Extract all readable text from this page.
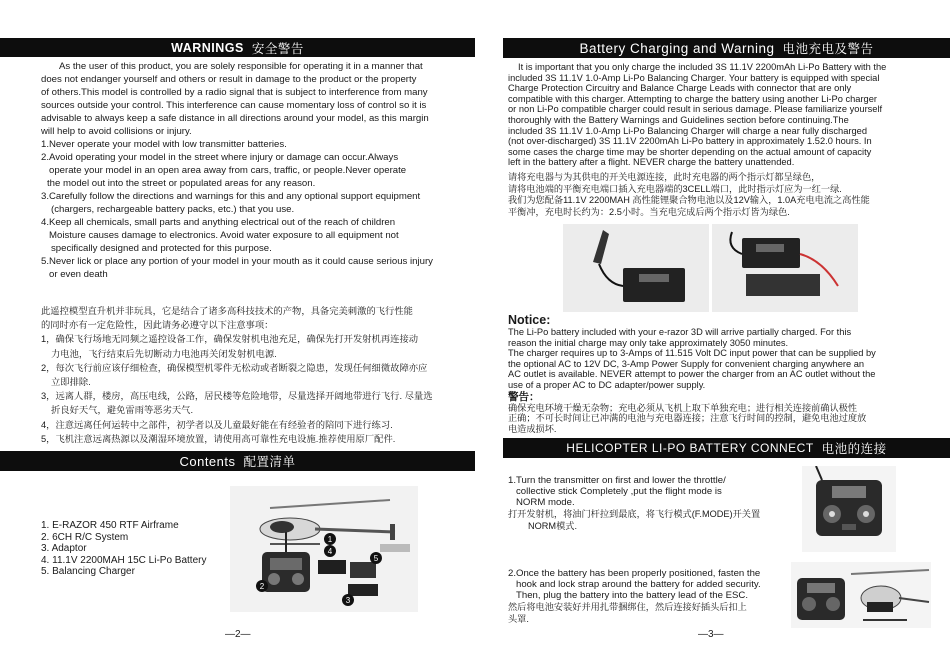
WARNINGS 安全警告
As the user of this product, you are solely responsible for operating it in a manner that
does not endanger yourself and others or result in damage to the product or the property
of others.This model is controlled by a radio signal that is subject to interference from many
sources outside your control. This interference can cause momentary loss of control so it is
advisable to always keep a safe distance in all directions around your model, as this margin
will help to avoid collisions or injury.
1.Never operate your model with low transmitter batteries.
2.Avoid operating your model in the street where injury or damage can occur.Always
operate your model in an open area away from cars, traffic, or people.Never operate
the model out into the street or populated areas for any reason.
3.Carefully follow the directions and warnings for this and any optional support equipment
(chargers, rechargeable battery packs, etc.) that you use.
4.Keep all chemicals, small parts and anything electrical out of the reach of children
Moisture causes damage to electronics. Avoid water exposure to all equipment not
specifically designed and protected for this purpose.
5.Never lick or place any portion of your model in your mouth as it could cause serious injury
or even death
此遥控模型直升机并非玩具，它是结合了诸多高科技技术的产物，具备完美刺激的飞行性能
的同时亦有一定危险性，因此请务必遵守以下注意事项：
1，确保飞行场地无同频之遥控设备工作，确保发射机电池充足，确保先打开发射机再连接动
力电池，飞行结束后先切断动力电池再关闭发射机电源.
2，每次飞行前应该仔细检查，确保模型机零件无松动或者断裂之隐患，发现任何细微故障亦应
立即排除.
3，远离人群，楼房，高压电线，公路，居民楼等危险地带，尽量选择开阔地带进行飞行. 尽量选
折良好天气，避免雷雨等恶劣天气.
4，注意远离任何运转中之部件，初学者以及儿童最好能在有经验者的陪同下进行练习.
5，飞机注意远离热源以及潮湿环境放置，请使用高可靠性充电设施.推荐使用原厂配件.
Contents 配置清单
1. E-RAZOR 450 RTF Airframe
2. 6CH R/C System
3. Adaptor
4. 11.1V 2200MAH 15C Li-Po Battery
5. Balancing Charger
1
2
3
4
5
—2—
Battery Charging and Warning 电池充电及警告
It is important that you only charge the included 3S 11.1V 2200mAh Li-Po Battery with the
included 3S 11.1V 1.0-Amp Li-Po Balancing Charger. Your battery is equipped with special
Charge Protection Circuitry and Balance Charge Leads with connector that are only
compatible with this charger. Attempting to charge the battery using another Li-Po charger
or non Li-Po compatible charger could result in serious damage. Please familiarize yourself
thoroughly with the Battery Warnings and Guidelines section before continuing.The
included 3S 11.1V 1.0-Amp Li-Po Balancing Charger will charge a near fully discharged
(not over-discharged) 3S 11.1V 2200mAh Li-Po battery in approximately 1.52.0 hours. In
some cases the charge time may be shorter depending on the actual amount of capacity
left in the battery after a flight. NEVER charge the battery unattended.
请将充电器与为其供电的开关电源连接，此时充电器的两个指示灯都呈绿色，
请将电池端的平衡充电端口插入充电器端的3CELL端口，此时指示灯应为一红一绿.
我们为您配备11.1V 2200MAH 高性能锂聚合物电池以及12V输入，1.0A充电电流之高性能
平衡冲，充电时长约为：2.5小时。当充电完成后两个指示灯皆为绿色.
Notice:
The Li-Po battery included with your e-razor 3D will arrive partially charged. For this
reason the initial charge may only take approximately 3050 minutes.
The charger requires up to 3-Amps of 11.515 Volt DC input power that can be supplied by
the optional AC to 12V DC, 3-Amp Power Supply for convenient charging anywhere an
AC outlet is available. NEVER attempt to power the charger from an AC outlet without the
use of a proper AC to DC adapter/power supply.
警告：
确保充电环境干燥无杂物；充电必须从飞机上取下单独充电；进行相关连接前确认极性
正确；不可长时间让已冲满的电池与充电器连接；注意飞行时间的控制，避免电池过度放
电造成损坏.
HELICOPTER LI-PO BATTERY CONNECT 电池的连接
1.Turn the transmitter on first and lower the throttle/
collective stick Completely ,put the flight mode is
NORM mode.
打开发射机，将油门杆拉到最底，将飞行模式(F.MODE)开关置
NORM模式.
2.Once the battery has been properly positioned, fasten the
hook and lock strap around the battery for added security.
Then, plug the battery into the battery lead of the ESC.
然后将电池安装好并用扎带捆绑住，然后连接好插头后扣上
头罩.
—3—
